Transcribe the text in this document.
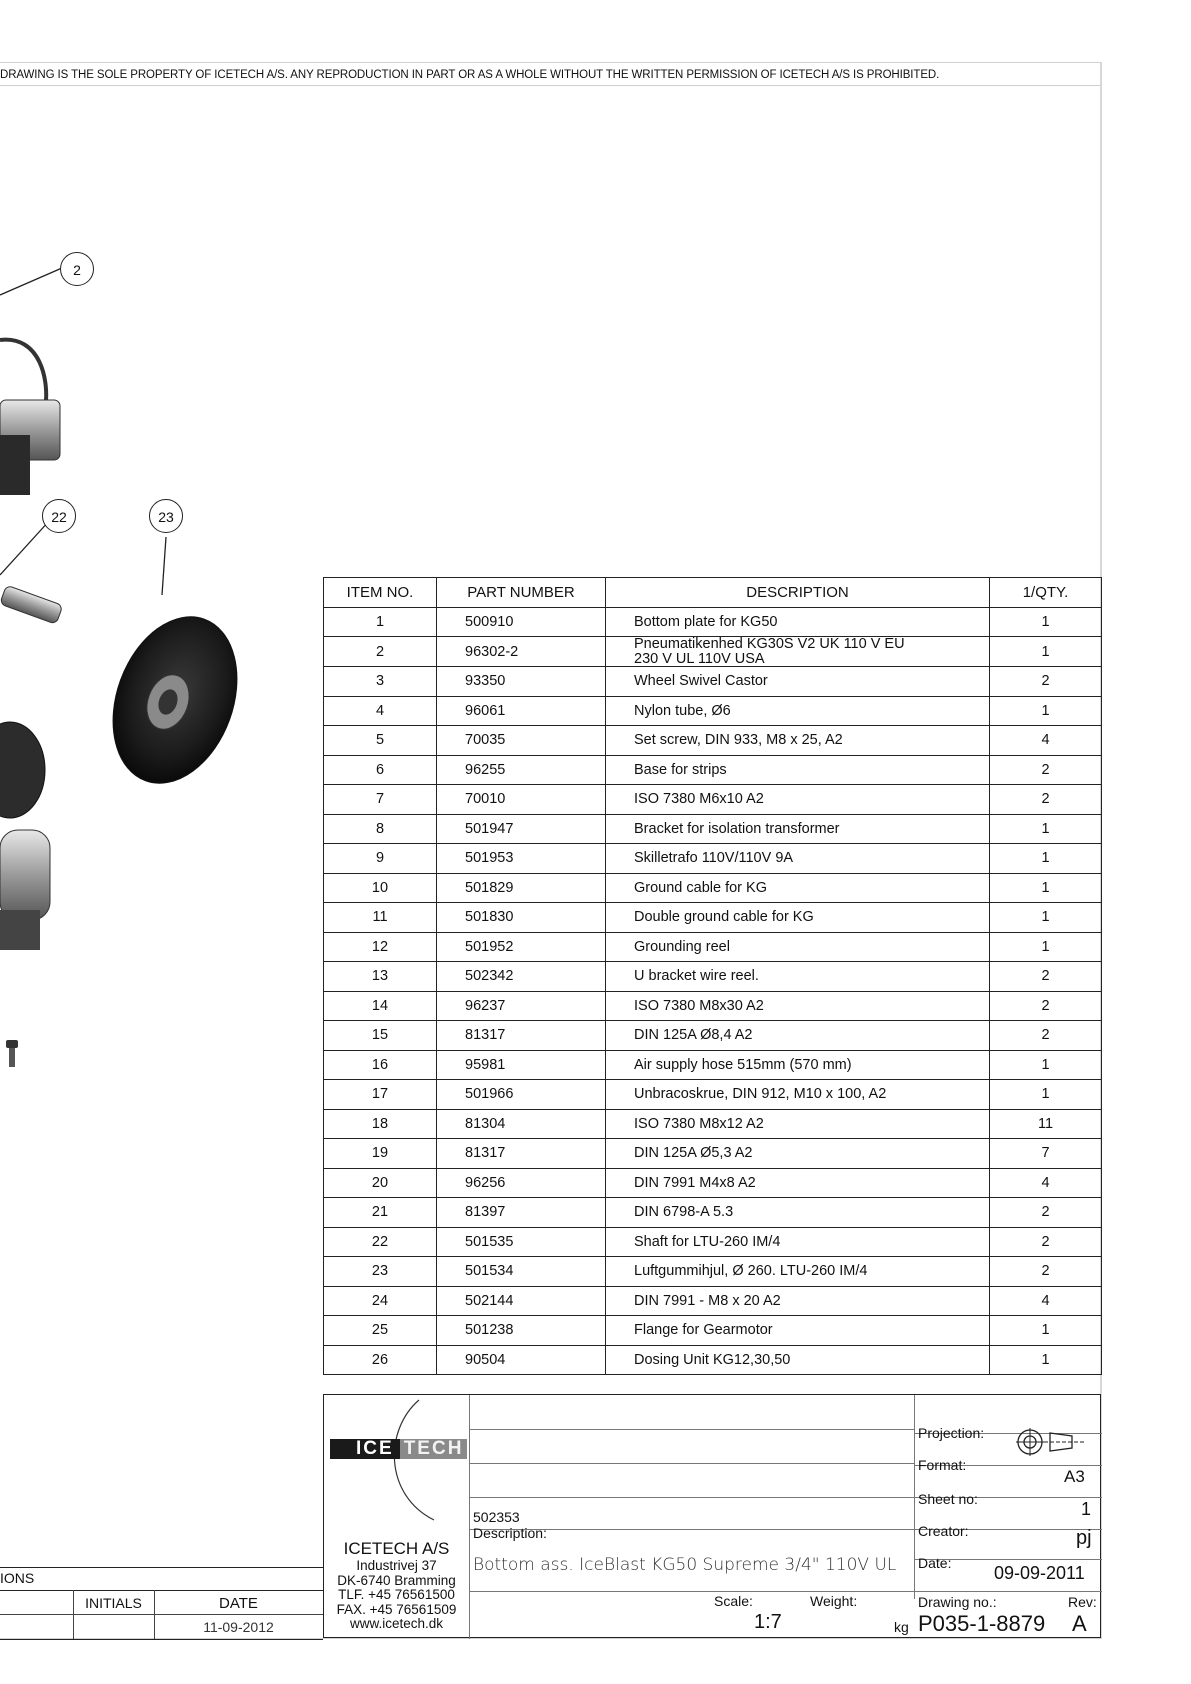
DRAWING IS THE SOLE PROPERTY OF ICETECH A/S. ANY REPRODUCTION IN PART OR AS A WHOLE WITHOUT THE WRITTEN PERMISSION OF ICETECH A/S IS PROHIBITED.
2
22	23
ITEM NO.	PART NUMBER	DESCRIPTION	1/QTY.
1	500910	Bottom plate for KG50	1
2	96302-2	Pneumatikenhed KG30S V2 UK 110 V EU
230 V UL 110V USA	1
3	93350	Wheel Swivel Castor	2
4	96061	Nylon tube, Ø6	1
5	70035	Set screw, DIN 933, M8 x 25, A2	4
6	96255	Base for strips	2
7	70010	ISO 7380 M6x10 A2	2
8	501947	Bracket for isolation transformer	1
9	501953	Skilletrafo 110V/110V 9A	1
10	501829	Ground cable for KG	1
11	501830	Double ground cable for KG	1
12	501952	Grounding reel	1
13	502342	U bracket wire reel.	2
14	96237	ISO 7380 M8x30 A2	2
15	81317	DIN 125A Ø8,4 A2	2
16	95981	Air supply hose 515mm (570 mm)	1
17	501966	Unbracoskrue, DIN 912, M10 x 100, A2	1
18	81304	ISO 7380 M8x12 A2	11
19	81317	DIN 125A Ø5,3 A2	7
20	96256	DIN 7991 M4x8 A2	4
21	81397	DIN 6798-A 5.3	2
22	501535	Shaft for LTU-260 IM/4	2
23	501534	Luftgummihjul, Ø 260. LTU-260 IM/4	2
24	502144	DIN 7991 - M8 x 20 A2	4
25	501238	Flange for Gearmotor	1
26	90504	Dosing Unit KG12,30,50	1
ICE TECH
ICETECH A/S
Industrivej 37
DK-6740 Bramming
TLF. +45 76561500
FAX. +45 76561509
www.icetech.dk
502353
Description:
Bottom ass. IceBlast KG50 Supreme 3/4" 110V UL
Scale:
1:7
Weight:
kg
Projection:
Format:
A3
Sheet no:	1
Creator:	pj
Date: 09-09-2011
Drawing no.:
P035-1-8879
Rev:
A
IONS
INITIALS	DATE
11-09-2012
